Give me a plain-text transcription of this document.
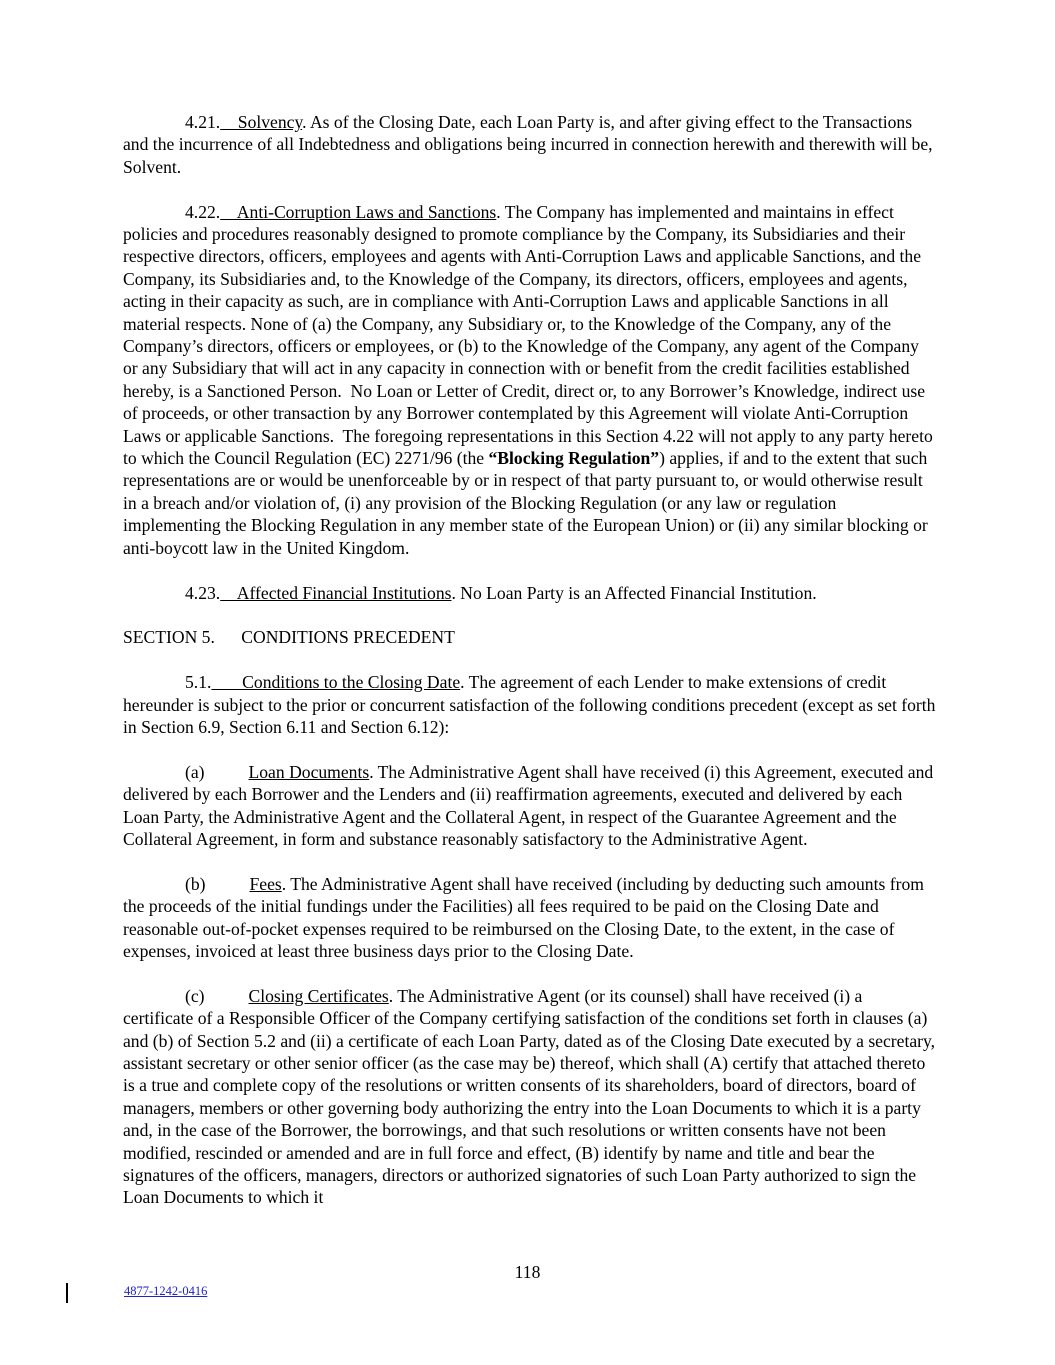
4.21.    Solvency. As of the Closing Date, each Loan Party is, and after giving effect to the Transactions and the incurrence of all Indebtedness and obligations being incurred in connection herewith and therewith will be, Solvent.

4.22.    Anti-Corruption Laws and Sanctions. The Company has implemented and maintains in effect policies and procedures reasonably designed to promote compliance by the Company, its Subsidiaries and their respective directors, officers, employees and agents with Anti-Corruption Laws and applicable Sanctions, and the Company, its Subsidiaries and, to the Knowledge of the Company, its directors, officers, employees and agents, acting in their capacity as such, are in compliance with Anti-Corruption Laws and applicable Sanctions in all material respects. None of (a) the Company, any Subsidiary or, to the Knowledge of the Company, any of the Company’s directors, officers or employees, or (b) to the Knowledge of the Company, any agent of the Company or any Subsidiary that will act in any capacity in connection with or benefit from the credit facilities established hereby, is a Sanctioned Person.  No Loan or Letter of Credit, direct or, to any Borrower’s Knowledge, indirect use of proceeds, or other transaction by any Borrower contemplated by this Agreement will violate Anti-Corruption Laws or applicable Sanctions.  The foregoing representations in this Section 4.22 will not apply to any party hereto to which the Council Regulation (EC) 2271/96 (the “Blocking Regulation”) applies, if and to the extent that such representations are or would be unenforceable by or in respect of that party pursuant to, or would otherwise result in a breach and/or violation of, (i) any provision of the Blocking Regulation (or any law or regulation implementing the Blocking Regulation in any member state of the European Union) or (ii) any similar blocking or anti-boycott law in the United Kingdom.

4.23.    Affected Financial Institutions. No Loan Party is an Affected Financial Institution.

SECTION 5.      CONDITIONS PRECEDENT

5.1.       Conditions to the Closing Date. The agreement of each Lender to make extensions of credit hereunder is subject to the prior or concurrent satisfaction of the following conditions precedent (except as set forth in Section 6.9, Section 6.11 and Section 6.12):

(a)          Loan Documents. The Administrative Agent shall have received (i) this Agreement, executed and delivered by each Borrower and the Lenders and (ii) reaffirmation agreements, executed and delivered by each Loan Party, the Administrative Agent and the Collateral Agent, in respect of the Guarantee Agreement and the Collateral Agreement, in form and substance reasonably satisfactory to the Administrative Agent.

(b)          Fees. The Administrative Agent shall have received (including by deducting such amounts from the proceeds of the initial fundings under the Facilities) all fees required to be paid on the Closing Date and reasonable out-of-pocket expenses required to be reimbursed on the Closing Date, to the extent, in the case of expenses, invoiced at least three business days prior to the Closing Date.

(c)          Closing Certificates. The Administrative Agent (or its counsel) shall have received (i) a certificate of a Responsible Officer of the Company certifying satisfaction of the conditions set forth in clauses (a) and (b) of Section 5.2 and (ii) a certificate of each Loan Party, dated as of the Closing Date executed by a secretary, assistant secretary or other senior officer (as the case may be) thereof, which shall (A) certify that attached thereto is a true and complete copy of the resolutions or written consents of its shareholders, board of directors, board of managers, members or other governing body authorizing the entry into the Loan Documents to which it is a party and, in the case of the Borrower, the borrowings, and that such resolutions or written consents have not been modified, rescinded or amended and are in full force and effect, (B) identify by name and title and bear the signatures of the officers, managers, directors or authorized signatories of such Loan Party authorized to sign the Loan Documents to which it

118
4877-1242-0416
